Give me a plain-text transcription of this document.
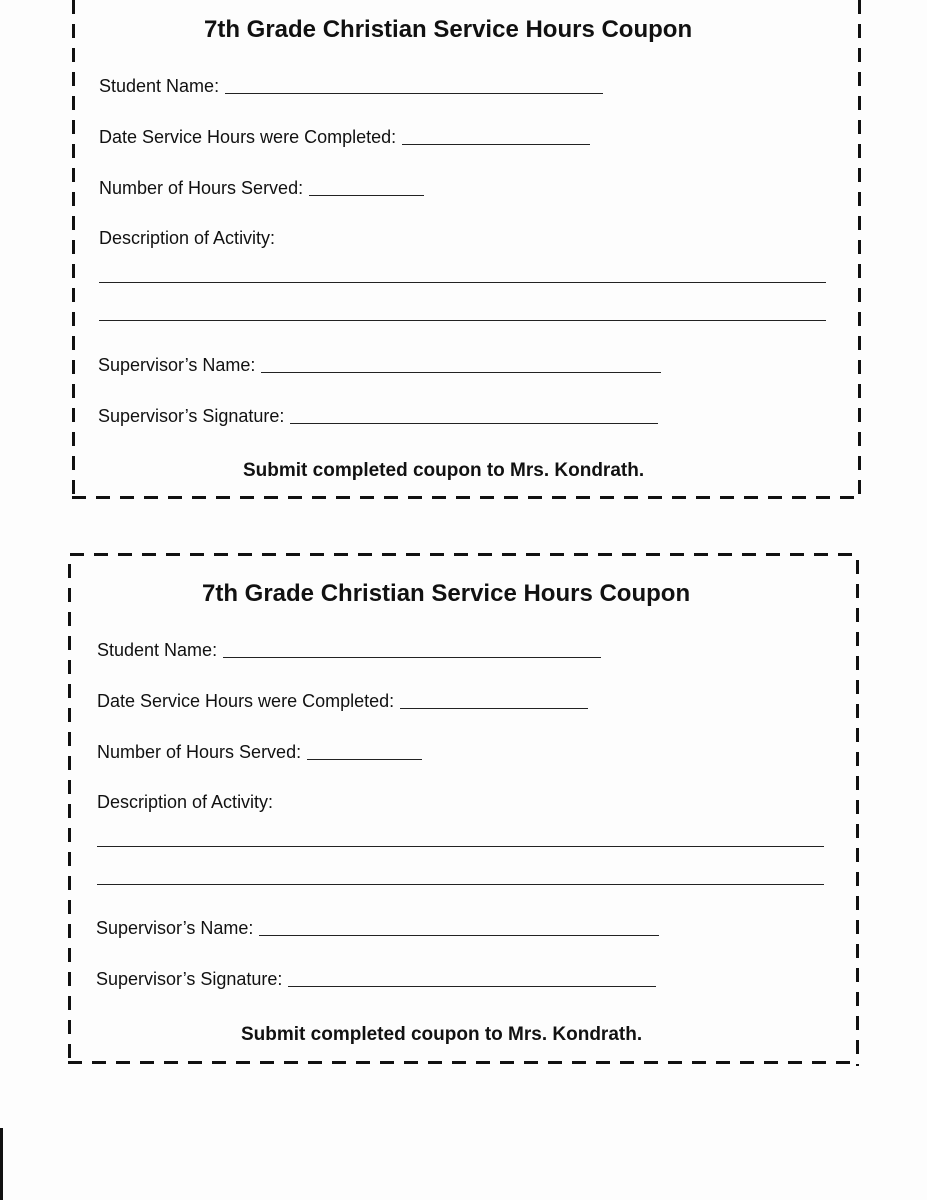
7th Grade Christian Service Hours Coupon
Student Name:
Date Service Hours were Completed:
Number of Hours Served:
Description of Activity:
Supervisor’s Name:
Supervisor’s Signature:
Submit completed coupon to Mrs. Kondrath.
7th Grade Christian Service Hours Coupon
Student Name:
Date Service Hours were Completed:
Number of Hours Served:
Description of Activity:
Supervisor’s Name:
Supervisor’s Signature:
Submit completed coupon to Mrs. Kondrath.
